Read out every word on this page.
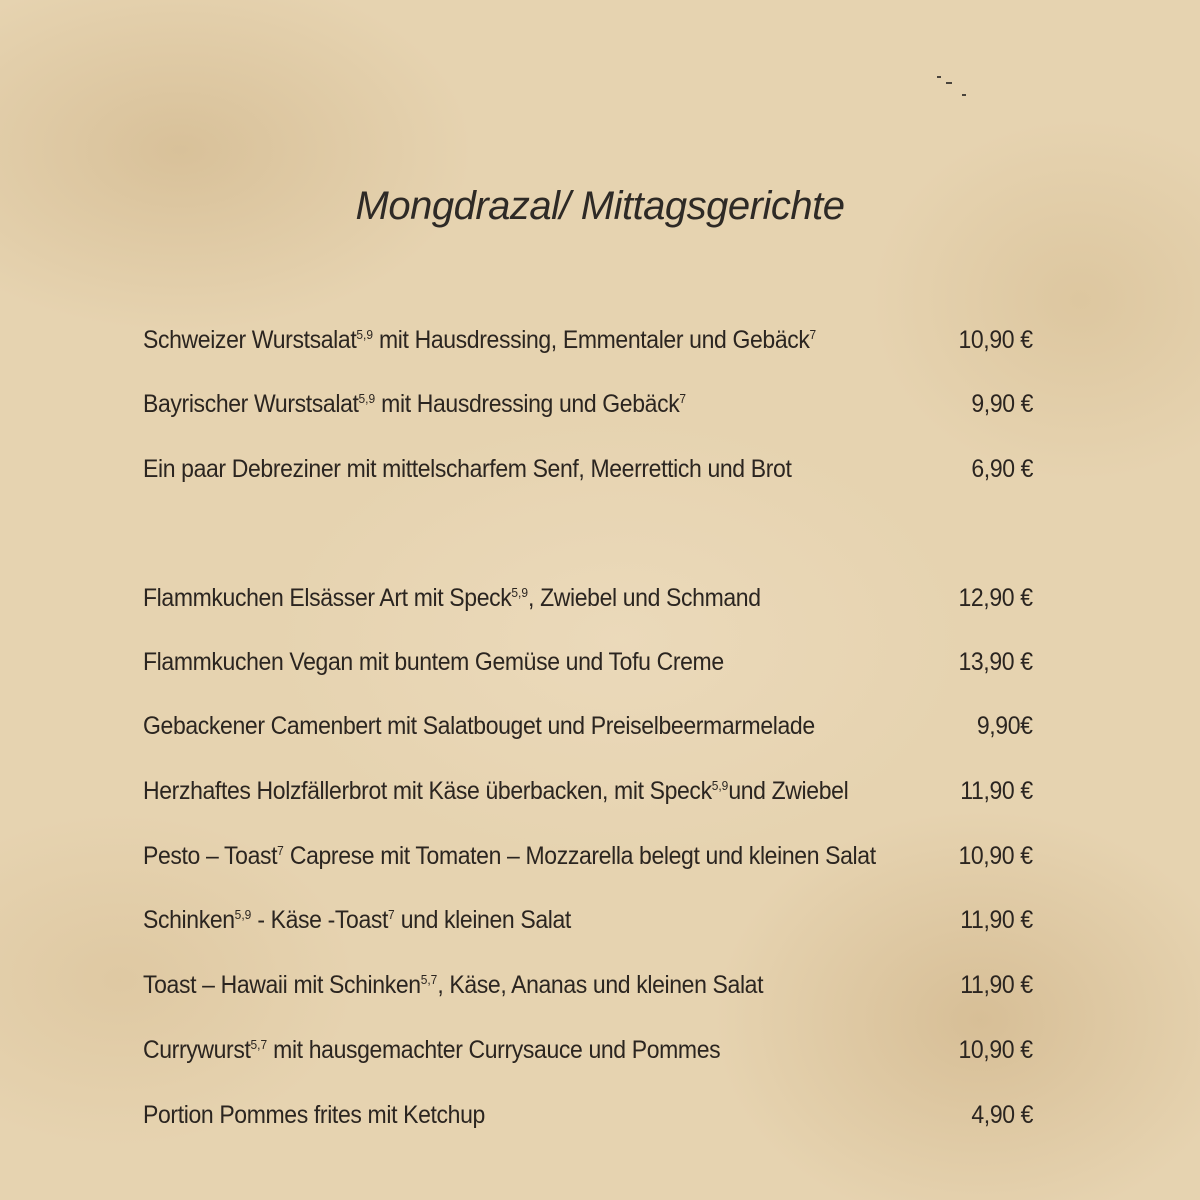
Mongdrazal/ Mittagsgerichte
Schweizer Wurstsalat$^{5,9}$ mit Hausdressing, Emmentaler und Gebäck$^7$	10,90 €
Bayrischer Wurstsalat$^{5,9}$ mit Hausdressing und Gebäck$^7$	9,90 €
Ein paar Debreziner mit mittelscharfem Senf, Meerrettich und Brot	6,90 €
Flammkuchen Elsässer Art mit Speck$^{5,9}$, Zwiebel und Schmand	12,90 €
Flammkuchen Vegan mit buntem Gemüse und Tofu Creme	13,90 €
Gebackener Camenbert mit Salatbouget und Preiselbeermarmelade	9,90€
Herzhaftes Holzfällerbrot mit Käse überbacken, mit Speck$^{5,9}$und Zwiebel	11,90 €
Pesto – Toast$^7$ Caprese mit Tomaten – Mozzarella belegt und kleinen Salat	10,90 €
Schinken$^{5,9}$ - Käse -Toast$^7$ und kleinen Salat	11,90 €
Toast – Hawaii mit Schinken$^{5,7}$, Käse, Ananas und kleinen Salat	11,90 €
Currywurst$^{5,7}$ mit hausgemachter Currysauce und Pommes	10,90 €
Portion Pommes frites mit Ketchup	4,90 €
